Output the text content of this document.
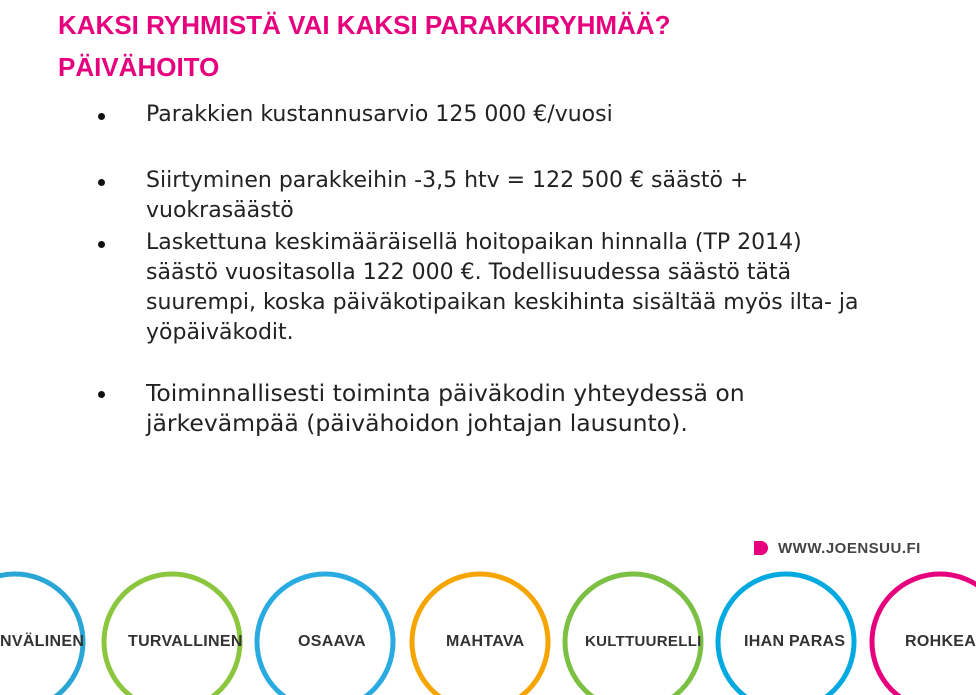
KAKSI RYHMISTÄ VAI KAKSI PARAKKIRYHMÄÄ?
PÄIVÄHOITO
Parakkien kustannusarvio 125 000 €/vuosi
Siirtyminen parakkeihin -3,5 htv = 122 500 € säästö + vuokrasäästö
Laskettuna keskimääräisellä hoitopaikan hinnalla (TP 2014) säästö vuositasolla 122 000 €. Todellisuudessa säästö tätä suurempi, koska päiväkotipaikan keskihinta sisältää myös ilta- ja yöpäiväkodit.
Toiminnallisesti toiminta päiväkodin yhteydessä on järkevämpää (päivähoidon johtajan lausunto).
WWW.JOENSUU.FI
NVÄLINEN	TURVALLINEN	OSAAVA	MAHTAVA	KULTTUURELLI	IHAN PARAS	ROHKEA
